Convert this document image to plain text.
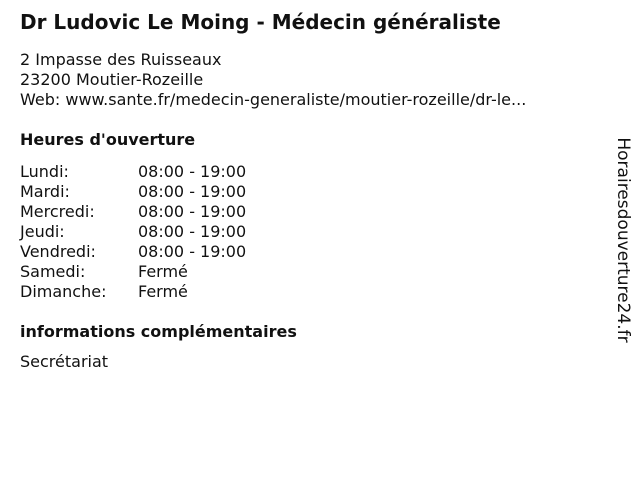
Dr Ludovic Le Moing - Médecin généraliste
2 Impasse des Ruisseaux
23200 Moutier-Rozeille
Web: www.sante.fr/medecin-generaliste/moutier-rozeille/dr-le...
Heures d'ouverture
Lundi:	08:00 - 19:00
Mardi:	08:00 - 19:00
Mercredi:	08:00 - 19:00
Jeudi:	08:00 - 19:00
Vendredi:	08:00 - 19:00
Samedi:	Fermé
Dimanche:	Fermé
informations complémentaires
Secrétariat
Horairesdouverture24.fr
